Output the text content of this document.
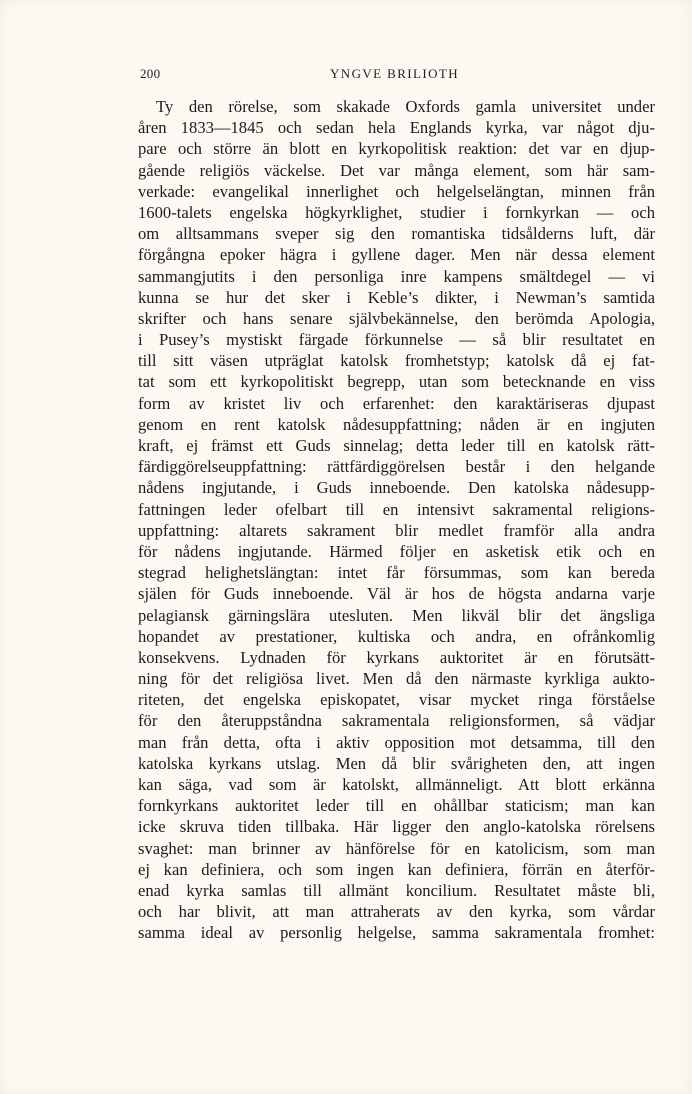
200	YNGVE BRILIOTH
Ty den rörelse, som skakade Oxfords gamla universitet under
åren 1833—1845 och sedan hela Englands kyrka, var något dju-
pare och större än blott en kyrkopolitisk reaktion: det var en djup-
gående religiös väckelse. Det var många element, som här sam-
verkade: evangelikal innerlighet och helgelselängtan, minnen från
1600-talets engelska högkyrklighet, studier i fornkyrkan — och
om alltsammans sveper sig den romantiska tidsålderns luft, där
förgångna epoker hägra i gyllene dager. Men när dessa element
sammangjutits i den personliga inre kampens smältdegel — vi
kunna se hur det sker i Keble’s dikter, i Newman’s samtida
skrifter och hans senare självbekännelse, den berömda Apologia,
i Pusey’s mystiskt färgade förkunnelse — så blir resultatet en
till sitt väsen utpräglat katolsk fromhetstyp; katolsk då ej fat-
tat som ett kyrkopolitiskt begrepp, utan som betecknande en viss
form av kristet liv och erfarenhet: den karaktäriseras djupast
genom en rent katolsk nådesuppfattning; nåden är en ingjuten
kraft, ej främst ett Guds sinnelag; detta leder till en katolsk rätt-
färdiggörelseuppfattning: rättfärdiggörelsen består i den helgande
nådens ingjutande, i Guds inneboende. Den katolska nådesupp-
fattningen leder ofelbart till en intensivt sakramental religions-
uppfattning: altarets sakrament blir medlet framför alla andra
för nådens ingjutande. Härmed följer en asketisk etik och en
stegrad helighetslängtan: intet får försummas, som kan bereda
själen för Guds inneboende. Väl är hos de högsta andarna varje
pelagiansk gärningslära utesluten. Men likväl blir det ängsliga
hopandet av prestationer, kultiska och andra, en ofrånkomlig
konsekvens. Lydnaden för kyrkans auktoritet är en förutsätt-
ning för det religiösa livet. Men då den närmaste kyrkliga aukto-
riteten, det engelska episkopatet, visar mycket ringa förståelse
för den återuppståndna sakramentala religionsformen, så vädjar
man från detta, ofta i aktiv opposition mot detsamma, till den
katolska kyrkans utslag. Men då blir svårigheten den, att ingen
kan säga, vad som är katolskt, allmänneligt. Att blott erkänna
fornkyrkans auktoritet leder till en ohållbar staticism; man kan
icke skruva tiden tillbaka. Här ligger den anglo-katolska rörelsens
svaghet: man brinner av hänförelse för en katolicism, som man
ej kan definiera, och som ingen kan definiera, förrän en återför-
enad kyrka samlas till allmänt koncilium. Resultatet måste bli,
och har blivit, att man attraherats av den kyrka, som vårdar
samma ideal av personlig helgelse, samma sakramentala fromhet:
